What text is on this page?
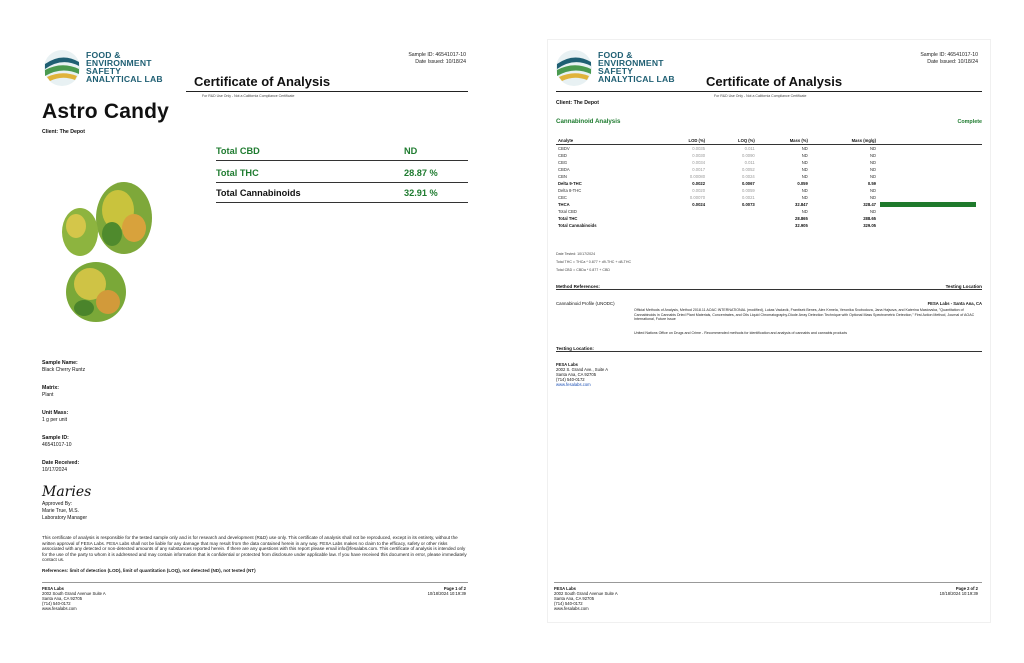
FOOD &
ENVIRONMENT
SAFETY
ANALYTICAL LAB
Sample ID: 46541017-10
Date Issued: 10/18/24
Certificate of Analysis
For R&D Use Only - Not a California Compliance Certificate
Astro Candy
Client: The Depot
Total CBD	ND
Total THC	28.87 %
Total Cannabinoids	32.91 %
Sample Name:
Black Cherry Runtz
Matrix:
Plant
Unit Mass:
1 g per unit
Sample ID:
46541017-10
Date Received:
10/17/2024
Maries
Approved By:
Marie True, M.S.
Laboratory Manager
This certificate of analysis is responsible for the tested sample only and is for research and development (R&D) use only. This certificate of analysis shall not be reproduced, except in its entirety, without the written approval of FESA Labs. FESA Labs shall not be liable for any damage that may result from the data contained herein in any way. FESA Labs makes no claim to the efficacy, safety or other risks associated with any detected or non-detected amounts of any substances reported herein. If there are any questions with this report please email info@fesalabs.com. This certificate of analysis is intended only for the use of the party to whom it is addressed and may contain information that is confidential or protected from disclosure under applicable law. If you have received this document in error, please immediately contact us.
References: limit of detection (LOD), limit of quantitation (LOQ), not detected (ND), not tested (NT)
FESA Labs
2002 South Grand Avenue Suite A
Santa Ana, CA 92705
(714) 540-0172
www.fesalabs.com
Page 1 of 2
10/18/2024 10:19:39
FOOD &
ENVIRONMENT
SAFETY
ANALYTICAL LAB
Sample ID: 46541017-10
Date Issued: 10/18/24
Certificate of Analysis
For R&D Use Only - Not a California Compliance Certificate
Client: The Depot
Cannabinoid Analysis	Complete
Analyte	LOD (%)	LOQ (%)	Mass (%)	Mass (mg/g)	
CBDV	0.0035	0.011	ND	ND	
CBD	0.0030	0.0090	ND	ND	
CBG	0.0034	0.011	ND	ND	
CBDA	0.0017	0.0052	ND	ND	
CBN	0.00080	0.0024	ND	ND	
Delta 9-THC	0.0022	0.0067	0.059	0.59	
Delta 8-THC	0.0020	0.0059	ND	ND	
CBC	0.00070	0.0021	ND	ND	
THCA	0.0024	0.0073	32.847	328.47	
Total CBD			ND	ND	
Total THC			28.865	288.65	
Total Cannabinoids			32.905	329.05	
Date Tested: 10/17/2024
Total THC = THCa * 0.877 + d9-THC + d8-THC
Total CBD = CBDa * 0.877 + CBD
Method References:	Testing Location
Cannabinoid Profile (UNODC)	FESA Labs - Santa Ana, CA
Official Methods of Analysis, Method 2018.11 AOAC INTERNATIONAL (modified), Lukas Vaclavik, Frantisek Benes, Alex Krmela, Veronika Svobodova, Jana Hajsova, and Katerina Mastovska, "Quantitation of Cannabinoids in Cannabis Dried Plant Materials, Concentrates, and Oils Liquid Chromatography-Diode Array Detection Technique with Optional Mass Spectrometric Detection," First Action Method, Journal of AOAC International, Future Issue
United Nations Office on Drugs and Crime - Recommended methods for identification and analysis of cannabis and cannabis products
Testing Location:
FESA Labs
2002 S. Grand Ave., Suite A
Santa Ana, CA 92705
(714) 540-0172
www.fesalabs.com
FESA Labs
2002 South Grand Avenue Suite A
Santa Ana, CA 92705
(714) 540-0172
www.fesalabs.com
Page 2 of 2
10/18/2024 10:19:39
